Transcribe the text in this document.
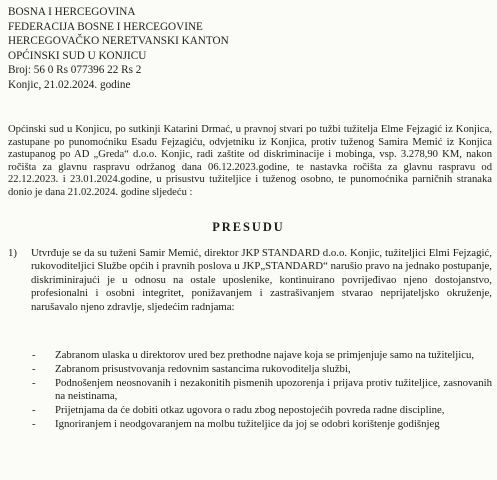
BOSNA I HERCEGOVINA
FEDERACIJA BOSNE I HERCEGOVINE
HERCEGOVAČKO NERETVANSKI KANTON
OPĆINSKI SUD U KONJICU
Broj: 56 0 Rs 077396 22 Rs 2
Konjic, 21.02.2024. godine
Općinski sud u Konjicu, po sutkinji Katarini Drmać, u pravnoj stvari po tužbi tužitelja Elme Fejzagić iz Konjica, zastupane po punomoćniku Esadu Fejzagiću, odvjetniku iz Konjica, protiv tuženog Samira Memić iz Konjica zastupanog po AD „Greda“ d.o.o. Konjic, radi zaštite od diskriminacije i mobinga, vsp. 3.278,90 KM, nakon ročišta za glavnu raspravu održanog dana 06.12.2023.godine, te nastavka ročišta za glavnu raspravu od 22.12.2023. i 23.01.2024.godine, u prisustvu tužiteljice i tuženog osobno, te punomoćnika parničnih stranaka donio je dana 21.02.2024. godine sljedeću :
PRESUDU
1) Utvrđuje se da su tuženi Samir Memić, direktor JKP STANDARD d.o.o. Konjic, tužiteljici Elmi Fejzagić, rukovoditeljici Službe općih i pravnih poslova u JKP„STANDARD“ narušio pravo na jednako postupanje, diskriminirajući je u odnosu na ostale uposlenike, kontinuirano povrijeđivao njeno dostojanstvo, profesionalni i osobni integritet, ponižavanjem i zastrašivanjem stvarao neprijateljsko okruženje, narušavalo njeno zdravlje, sljedećim radnjama:
- Zabranom ulaska u direktorov ured bez prethodne najave koja se primjenjuje samo na tužiteljicu,
- Zabranom prisustvovanja redovnim sastancima rukovoditelja službi,
- Podnošenjem neosnovanih i nezakonitih pismenih upozorenja i prijava protiv tužiteljice, zasnovanih na neistinama,
- Prijetnjama da će dobiti otkaz ugovora o radu zbog nepostojećih povreda radne discipline,
- Ignoriranjem i neodgovaranjem na molbu tužiteljice da joj se odobri korištenje godišnjeg
